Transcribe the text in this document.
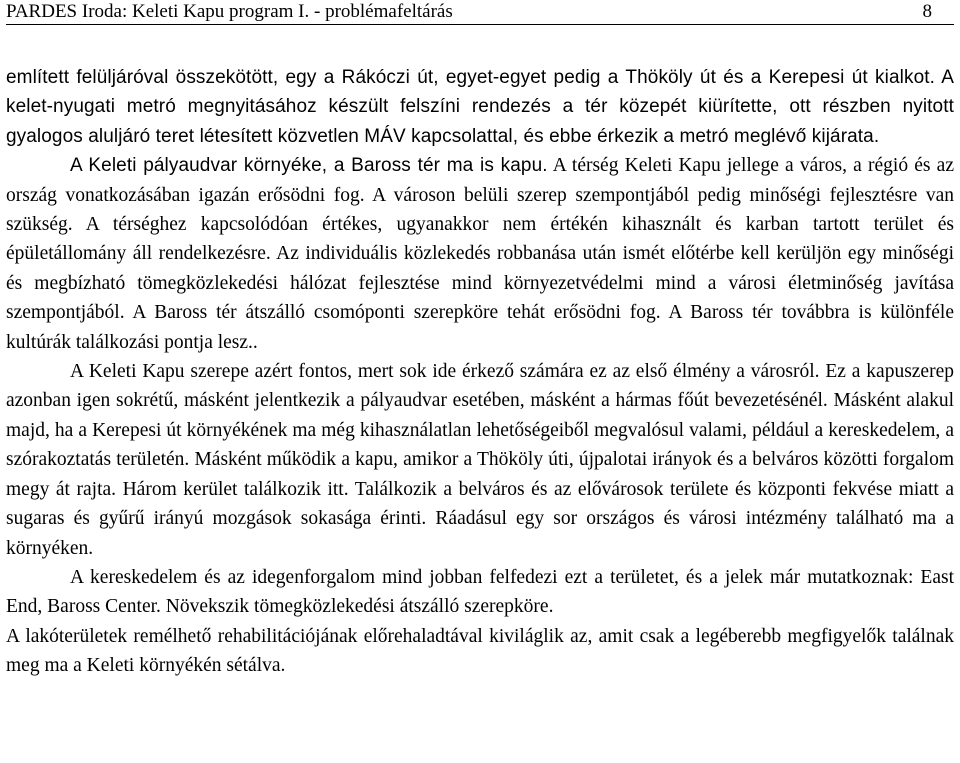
PARDES Iroda: Keleti Kapu program I. - problémafeltárás	8

említett felüljáróval összekötött, egy a Rákóczi út, egyet-egyet pedig a Thököly út és a Kerepesi út kialkot. A kelet-nyugati metró megnyitásához készült felszíni rendezés a tér közepét kiürítette, ott részben nyitott gyalogos aluljáró teret létesített közvetlen MÁV kapcsolattal, és ebbe érkezik a metró meglévő kijárata.

A Keleti pályaudvar környéke, a Baross tér ma is kapu. A térség Keleti Kapu jellege a város, a régió és az ország vonatkozásában igazán erősödni fog. A városon belüli szerep szempontjából pedig minőségi fejlesztésre van szükség. A térséghez kapcsolódóan értékes, ugyanakkor nem értékén kihasznált és karban tartott terület és épületállomány áll rendelkezésre. Az individuális közlekedés robbanása után ismét előtérbe kell kerüljön egy minőségi és megbízható tömegközlekedési hálózat fejlesztése mind környezetvédelmi mind a városi életminőség javítása szempontjából. A Baross tér átszálló csomóponti szerepköre tehát erősödni fog. A Baross tér továbbra is különféle kultúrák találkozási pontja lesz..

A Keleti Kapu szerepe azért fontos, mert sok ide érkező számára ez az első élmény a városról. Ez a kapuszerep azonban igen sokrétű, másként jelentkezik a pályaudvar esetében, másként a hármas főút bevezetésénél. Másként alakul majd, ha a Kerepesi út környékének ma még kihasználatlan lehetőségeiből megvalósul valami, például a kereskedelem, a szórakoztatás területén. Másként működik a kapu, amikor a Thököly úti, újpalotai irányok és a belváros közötti forgalom megy át rajta. Három kerület találkozik itt. Találkozik a belváros és az elővárosok területe és központi fekvése miatt a sugaras és gyűrű irányú mozgások sokasága érinti. Ráadásul egy sor országos és városi intézmény található ma a környéken.

A kereskedelem és az idegenforgalom mind jobban felfedezi ezt a területet, és a jelek már mutatkoznak: East End, Baross Center. Növekszik tömegközlekedési átszálló szerepköre.

A lakóterületek remélhető rehabilitációjának előrehaladtával kiviláglik az, amit csak a legéberebb megfigyelők találnak meg ma a Keleti környékén sétálva.
